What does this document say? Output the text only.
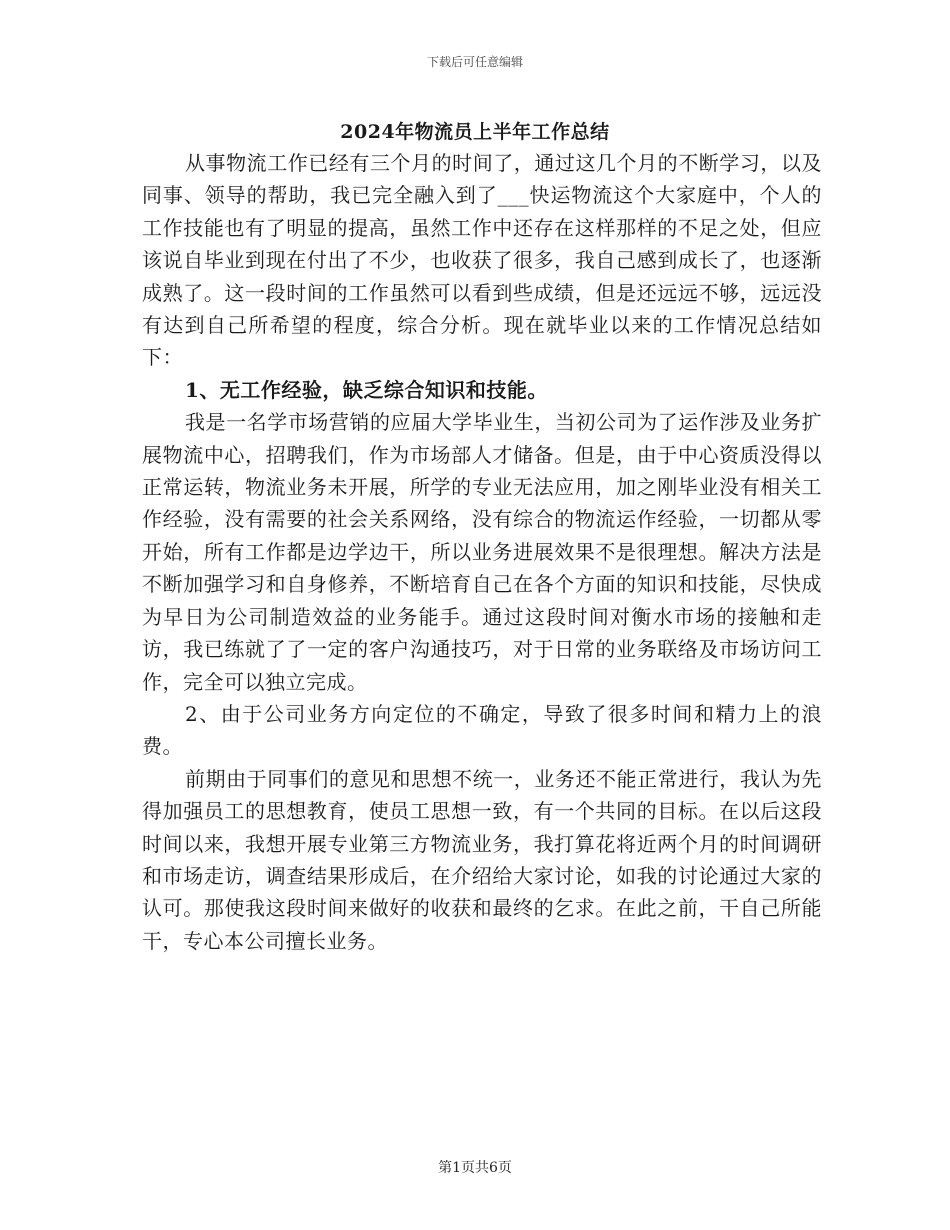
下载后可任意编辑
2024年物流员上半年工作总结

从事物流工作已经有三个月的时间了，通过这几个月的不断学习，以及同事、领导的帮助，我已完全融入到了___快运物流这个大家庭中，个人的工作技能也有了明显的提高，虽然工作中还存在这样那样的不足之处，但应该说自毕业到现在付出了不少，也收获了很多，我自己感到成长了，也逐渐成熟了。这一段时间的工作虽然可以看到些成绩，但是还远远不够，远远没有达到自己所希望的程度，综合分析。现在就毕业以来的工作情况总结如下：

1、无工作经验，缺乏综合知识和技能。

我是一名学市场营销的应届大学毕业生，当初公司为了运作涉及业务扩展物流中心，招聘我们，作为市场部人才储备。但是，由于中心资质没得以正常运转，物流业务未开展，所学的专业无法应用，加之刚毕业没有相关工作经验，没有需要的社会关系网络，没有综合的物流运作经验，一切都从零开始，所有工作都是边学边干，所以业务进展效果不是很理想。解决方法是不断加强学习和自身修养，不断培育自己在各个方面的知识和技能，尽快成为早日为公司制造效益的业务能手。通过这段时间对衡水市场的接触和走访，我已练就了了一定的客户沟通技巧，对于日常的业务联络及市场访问工作，完全可以独立完成。

2、由于公司业务方向定位的不确定，导致了很多时间和精力上的浪费。

前期由于同事们的意见和思想不统一，业务还不能正常进行，我认为先得加强员工的思想教育，使员工思想一致，有一个共同的目标。在以后这段时间以来，我想开展专业第三方物流业务，我打算花将近两个月的时间调研和市场走访，调查结果形成后，在介绍给大家讨论，如我的讨论通过大家的认可。那使我这段时间来做好的收获和最终的乞求。在此之前，干自己所能干，专心本公司擅长业务。

第1页共6页
